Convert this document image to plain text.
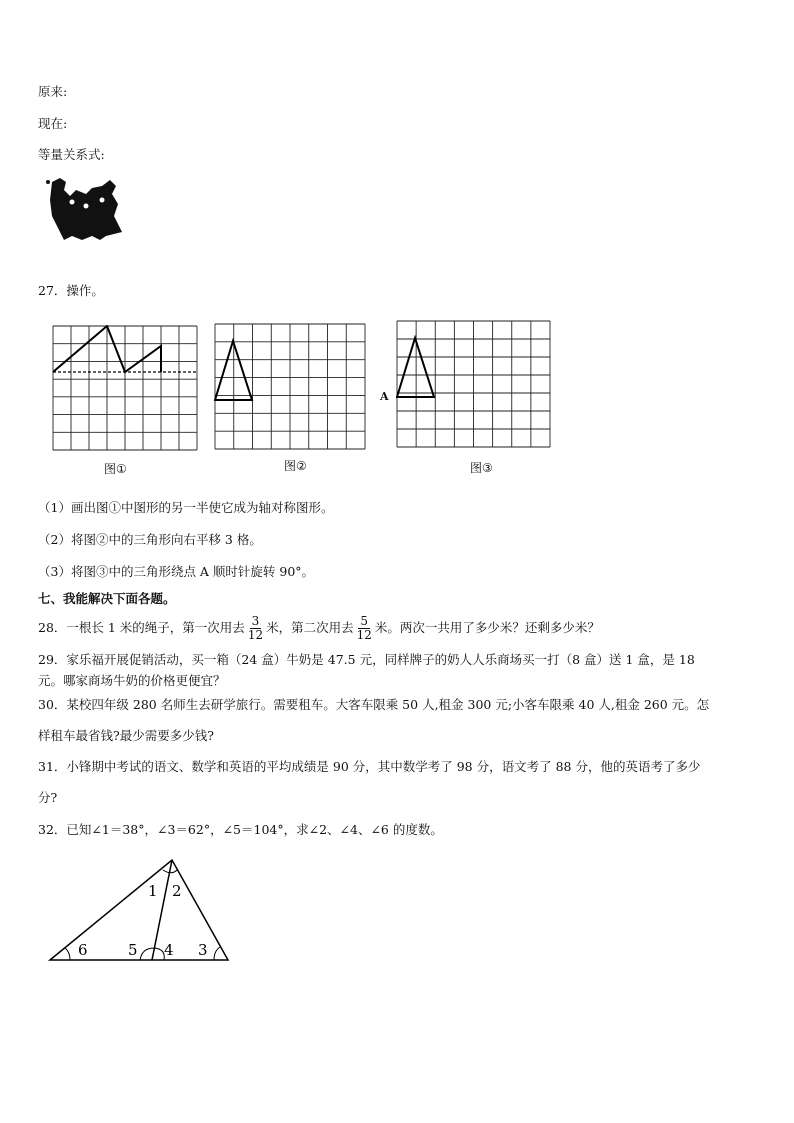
原来:
现在:
等量关系式:
27．操作。
A
图①	图②	图③
（1）画出图①中图形的另一半使它成为轴对称图形。
（2）将图②中的三角形向右平移 3 格。
（3）将图③中的三角形绕点 A 顺时针旋转 90°。
七、我能解决下面各题。
28．一根长 1 米的绳子，第一次用去 $\frac{3}{12}$ 米，第二次用去 $\frac{5}{12}$ 米。两次一共用了多少米？还剩多少米？
29．家乐福开展促销活动，买一箱（24 盒）牛奶是 47.5 元，同样牌子的奶人人乐商场买一打（8 盒）送 1 盒，是 18
元。哪家商场牛奶的价格更便宜？
30．某校四年级 280 名师生去研学旅行。需要租车。大客车限乘 50 人,租金 300 元;小客车限乘 40 人,租金 260 元。怎
样租车最省钱?最少需要多少钱?
31．小锋期中考试的语文、数学和英语的平均成绩是 90 分，其中数学考了 98 分，语文考了 88 分，他的英语考了多少
分?
32．已知∠1＝38°，∠3＝62°，∠5＝104°，求∠2、∠4、∠6 的度数。
1 2
3
4
5
6
